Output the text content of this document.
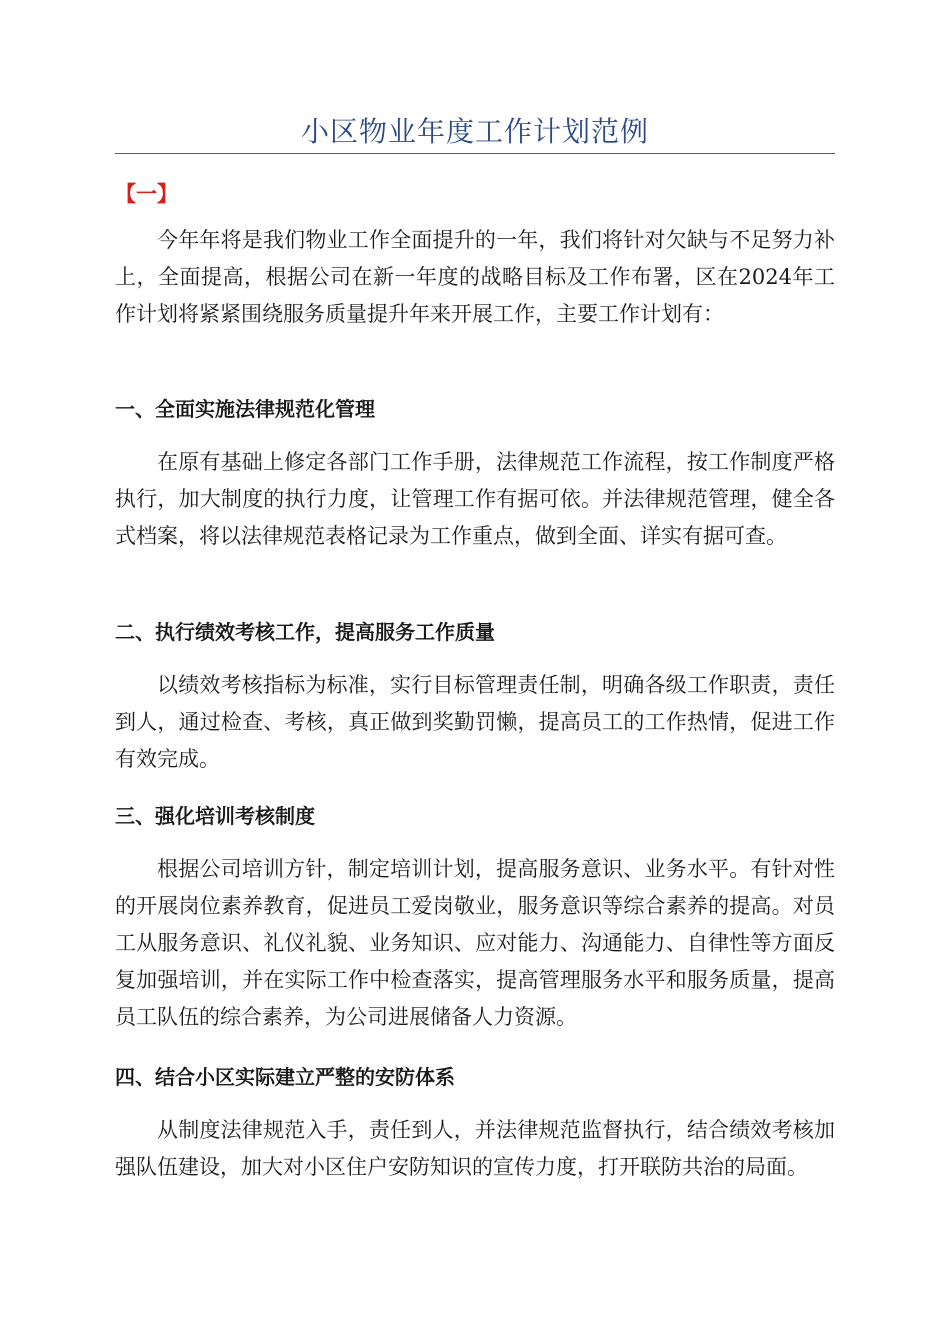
小区物业年度工作计划范例

【一】

今年年将是我们物业工作全面提升的一年，我们将针对欠缺与不足努力补上，全面提高，根据公司在新一年度的战略目标及工作布署，区在2024年工作计划将紧紧围绕服务质量提升年来开展工作，主要工作计划有：

一、全面实施法律规范化管理

在原有基础上修定各部门工作手册，法律规范工作流程，按工作制度严格执行，加大制度的执行力度，让管理工作有据可依。并法律规范管理，健全各式档案，将以法律规范表格记录为工作重点，做到全面、详实有据可查。

二、执行绩效考核工作，提高服务工作质量

以绩效考核指标为标准，实行目标管理责任制，明确各级工作职责，责任到人，通过检查、考核，真正做到奖勤罚懒，提高员工的工作热情，促进工作有效完成。

三、强化培训考核制度

根据公司培训方针，制定培训计划，提高服务意识、业务水平。有针对性的开展岗位素养教育，促进员工爱岗敬业，服务意识等综合素养的提高。对员工从服务意识、礼仪礼貌、业务知识、应对能力、沟通能力、自律性等方面反复加强培训，并在实际工作中检查落实，提高管理服务水平和服务质量，提高员工队伍的综合素养，为公司进展储备人力资源。

四、结合小区实际建立严整的安防体系

从制度法律规范入手，责任到人，并法律规范监督执行，结合绩效考核加强队伍建设，加大对小区住户安防知识的宣传力度，打开联防共治的局面。
